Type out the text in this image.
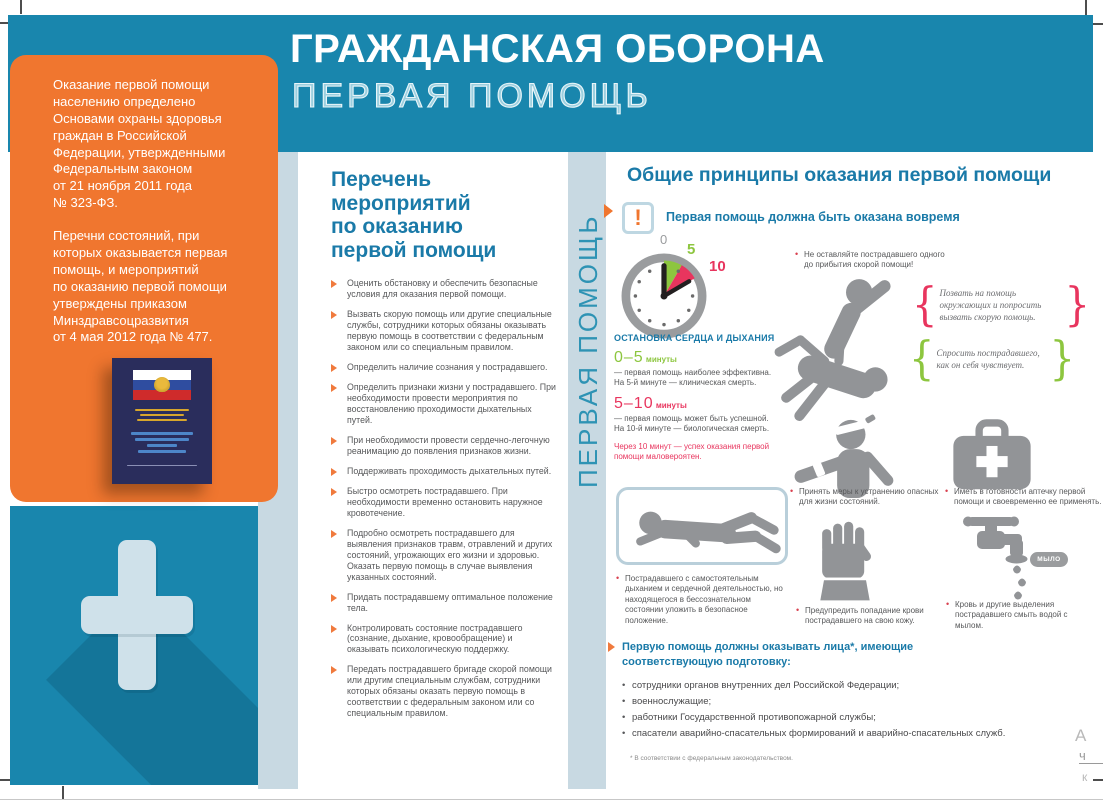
ГРАЖДАНСКАЯ ОБОРОНА
ПЕРВАЯ ПОМОЩЬ
ПЕРВАЯ ПОМОЩЬ

Оказание первой помощи
населению определено
Основами охраны здоровья
граждан в Российской
Федерации, утвержденными
Федеральным законом
от 21 ноября 2011 года
№ 323-ФЗ.

Перечни состояний, при
которых оказывается первая
помощь, и мероприятий
по оказанию первой помощи
утверждены приказом
Минздравсоцразвития
от 4 мая 2012 года № 477.

Перечень мероприятий
по оказанию
первой помощи
Оценить обстановку и обеспечить безопасные условия для оказания первой помощи.
Вызвать скорую помощь или другие специальные службы, сотрудники которых обязаны оказывать первую помощь в соответствии с федеральным законом или со специальным правилом.
Определить наличие сознания у пострадавшего.
Определить признаки жизни у пострадавшего. При необходимости провести мероприятия по восстановлению проходимости дыхательных путей.
При необходимости провести сердечно-легочную реанимацию до появления признаков жизни.
Поддерживать проходимость дыхательных путей.
Быстро осмотреть пострадавшего. При необходимости временно остановить наружное кровотечение.
Подробно осмотреть пострадавшего для выявления признаков травм, отравлений и других состояний, угрожающих его жизни и здоровью. Оказать первую помощь в случае выявления указанных состояний.
Придать пострадавшему оптимальное положение тела.
Контролировать состояние пострадавшего (сознание, дыхание, кровообращение) и оказывать психологическую поддержку.
Передать пострадавшего бригаде скорой помощи или другим специальным службам, сотрудники которых обязаны оказать первую помощь в соответствии с федеральным законом или со специальным правилом.
Общие принципы оказания первой помощи
!	Первая помощь должна быть оказана вовремя
0
5
10
ОСТАНОВКА СЕРДЦА И ДЫХАНИЯ
0–5 минуты
— первая помощь наиболее эффективна.
На 5-й минуте — клиническая смерть.
5–10 минуты
— первая помощь может быть успешной.
На 10-й минуте — биологическая смерть.
Через 10 минут — успех оказания первой
помощи маловероятен.
• Не оставляйте пострадавшего одного
до прибытия скорой помощи!
{ Позвать на помощь окружающих и попросить вызвать скорую помощь. }
{ Спросить пострадавшего, как он себя чувствует. }
• Принять меры к устранению опасных для жизни состояний.
• Иметь в готовности аптечку первой помощи и своевременно ее применять.
• Пострадавшего с самостоятельным дыханием и сердечной деятельностью, но находящегося в бессознательном состоянии уложить в безопасное положение.
• Предупредить попадание крови пострадавшего на свою кожу.
МЫЛО
• Кровь и другие выделения пострадавшего смыть водой с мылом.
Первую помощь должны оказывать лица*, имеющие
соответствующую подготовку:
• сотрудники органов внутренних дел Российской Федерации;
• военнослужащие;
• работники Государственной противопожарной службы;
• спасатели аварийно-спасательных формирований и аварийно-спасательных служб.
* В соответствии с федеральным законодательством.
А
ч
к
